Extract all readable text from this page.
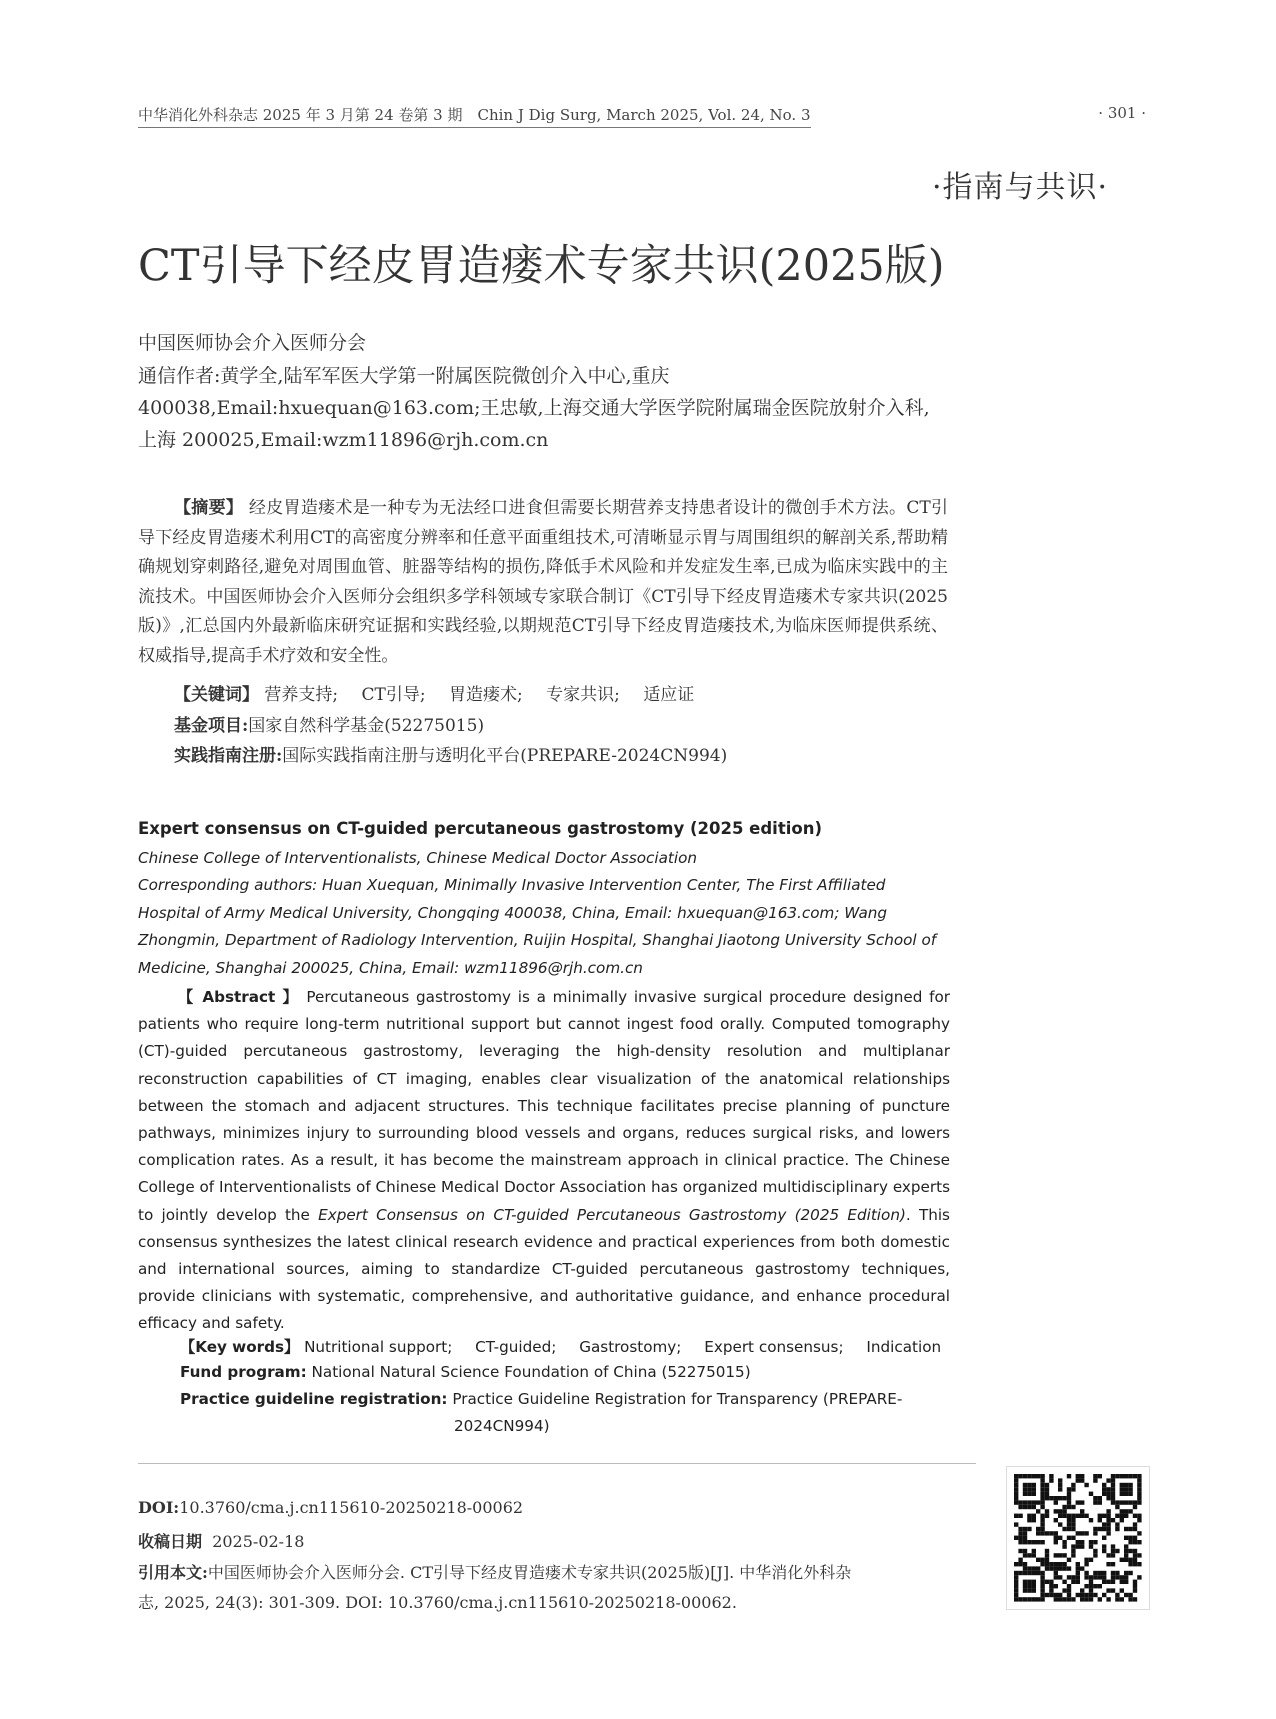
中华消化外科杂志 2025 年 3 月第 24 卷第 3 期　Chin J Dig Surg, March 2025, Vol. 24, No. 3	· 301 ·
·指南与共识·
CT引导下经皮胃造瘘术专家共识(2025版)
中国医师协会介入医师分会
通信作者:黄学全,陆军军医大学第一附属医院微创介入中心,重庆　400038,Email:hxuequan@163.com;王忠敏,上海交通大学医学院附属瑞金医院放射介入科,上海 200025,Email:wzm11896@rjh.com.cn
【摘要】 经皮胃造瘘术是一种专为无法经口进食但需要长期营养支持患者设计的微创手术方法。CT引导下经皮胃造瘘术利用CT的高密度分辨率和任意平面重组技术,可清晰显示胃与周围组织的解剖关系,帮助精确规划穿刺路径,避免对周围血管、脏器等结构的损伤,降低手术风险和并发症发生率,已成为临床实践中的主流技术。中国医师协会介入医师分会组织多学科领域专家联合制订《CT引导下经皮胃造瘘术专家共识(2025版)》,汇总国内外最新临床研究证据和实践经验,以期规范CT引导下经皮胃造瘘技术,为临床医师提供系统、权威指导,提高手术疗效和安全性。
【关键词】 营养支持; CT引导; 胃造瘘术; 专家共识; 适应证
基金项目:国家自然科学基金(52275015)
实践指南注册:国际实践指南注册与透明化平台(PREPARE-2024CN994)
Expert consensus on CT-guided percutaneous gastrostomy (2025 edition)
Chinese College of Interventionalists, Chinese Medical Doctor Association
Corresponding authors: Huan Xuequan, Minimally Invasive Intervention Center, The First Affiliated Hospital of Army Medical University, Chongqing 400038, China, Email: hxuequan@163.com; Wang Zhongmin, Department of Radiology Intervention, Ruijin Hospital, Shanghai Jiaotong University School of Medicine, Shanghai 200025, China, Email: wzm11896@rjh.com.cn
【 Abstract 】 Percutaneous gastrostomy is a minimally invasive surgical procedure designed for patients who require long-term nutritional support but cannot ingest food orally. Computed tomography (CT)-guided percutaneous gastrostomy, leveraging the high-density resolution and multiplanar reconstruction capabilities of CT imaging, enables clear visualization of the anatomical relationships between the stomach and adjacent structures. This technique facilitates precise planning of puncture pathways, minimizes injury to surrounding blood vessels and organs, reduces surgical risks, and lowers complication rates. As a result, it has become the mainstream approach in clinical practice. The Chinese College of Interventionalists of Chinese Medical Doctor Association has organized multidisciplinary experts to jointly develop the Expert Consensus on CT-guided Percutaneous Gastrostomy (2025 Edition). This consensus synthesizes the latest clinical research evidence and practical experiences from both domestic and international sources, aiming to standardize CT-guided percutaneous gastrostomy techniques, provide clinicians with systematic, comprehensive, and authoritative guidance, and enhance procedural efficacy and safety.
【Key words】 Nutritional support; CT-guided; Gastrostomy; Expert consensus; Indication
Fund program: National Natural Science Foundation of China (52275015)
Practice guideline registration: Practice Guideline Registration for Transparency (PREPARE-
2024CN994)
DOI:10.3760/cma.j.cn115610-20250218-00062
收稿日期 2025-02-18
引用本文:中国医师协会介入医师分会. CT引导下经皮胃造瘘术专家共识(2025版)[J]. 中华消化外科杂
志, 2025, 24(3): 301-309. DOI: 10.3760/cma.j.cn115610-20250218-00062.
